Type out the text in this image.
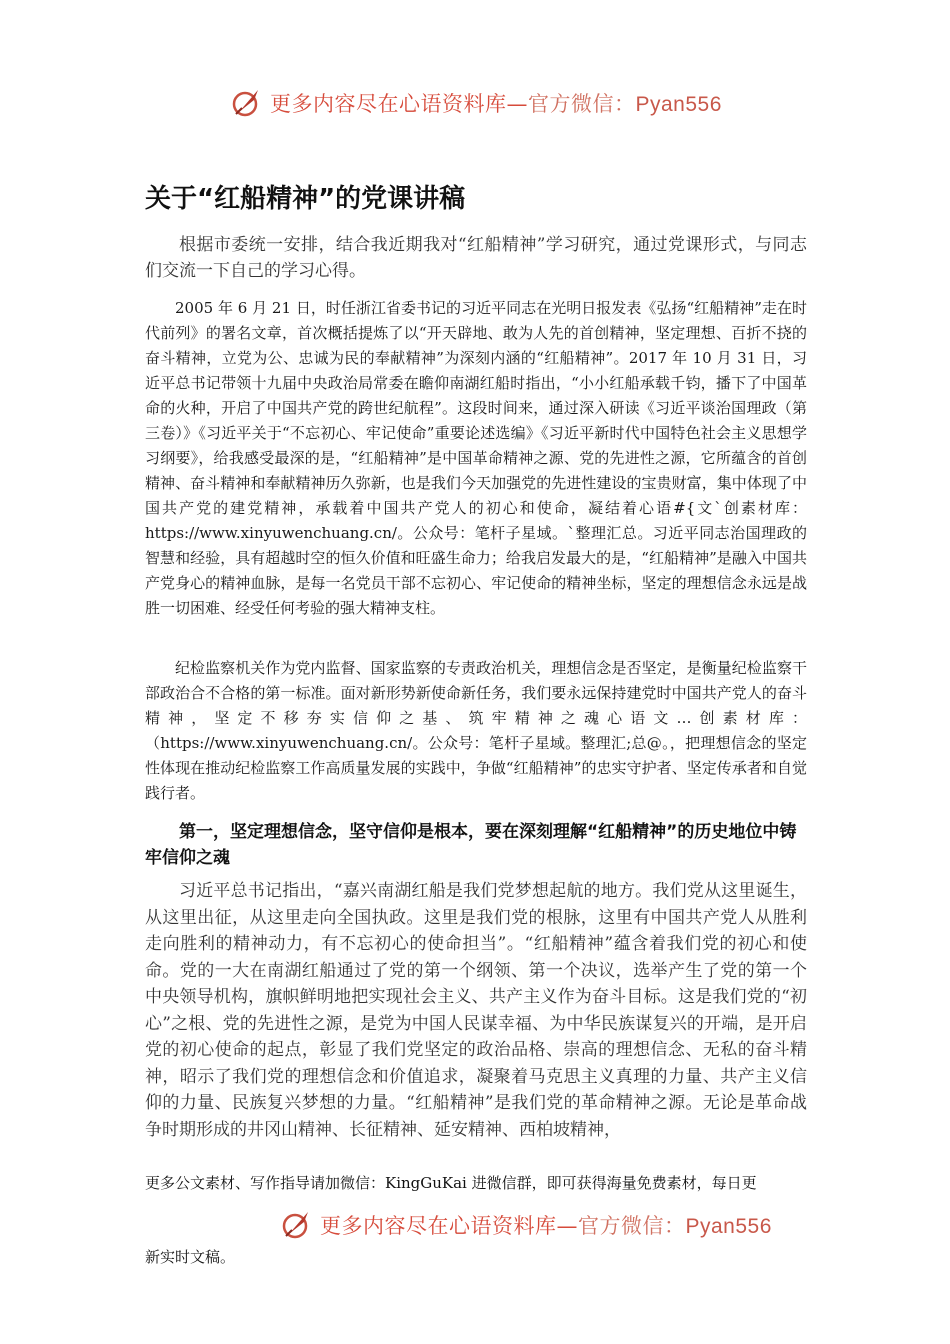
更多内容尽在心语资料库—官方微信：Pyan556
关于“红船精神”的党课讲稿

根据市委统一安排，结合我近期我对“红船精神”学习研究，通过党课形式，与同志们交流一下自己的学习心得。

2005 年 6 月 21 日，时任浙江省委书记的习近平同志在光明日报发表《弘扬“红船精神”走在时代前列》的署名文章，首次概括提炼了以“开天辟地、敢为人先的首创精神，坚定理想、百折不挠的奋斗精神，立党为公、忠诚为民的奉献精神”为深刻内涵的“红船精神”。2017 年 10 月 31 日，习近平总书记带领十九届中央政治局常委在瞻仰南湖红船时指出，“小小红船承载千钧，播下了中国革命的火种，开启了中国共产党的跨世纪航程”。这段时间来，通过深入研读《习近平谈治国理政（第三卷）》《习近平关于“不忘初心、牢记使命”重要论述选编》《习近平新时代中国特色社会主义思想学习纲要》，给我感受最深的是，“红船精神”是中国革命精神之源、党的先进性之源，它所蕴含的首创精神、奋斗精神和奉献精神历久弥新，也是我们今天加强党的先进性建设的宝贵财富，集中体现了中国共产党的建党精神，承载着中国共产党人的初心和使命，凝结着心语#{文`创素材库：https://www.xinyuwenchuang.cn/。公众号：笔杆子星域。`整理汇总。习近平同志治国理政的智慧和经验，具有超越时空的恒久价值和旺盛生命力；给我启发最大的是，“红船精神”是融入中国共产党身心的精神血脉，是每一名党员干部不忘初心、牢记使命的精神坐标，坚定的理想信念永远是战胜一切困难、经受任何考验的强大精神支柱。

纪检监察机关作为党内监督、国家监察的专责政治机关，理想信念是否坚定，是衡量纪检监察干部政治合不合格的第一标准。面对新形势新使命新任务，我们要永远保持建党时中国共产党人的奋斗精神，坚定不移夯实信仰之基、筑牢精神之魂心语文…创素材库：（https://www.xinyuwenchuang.cn/。公众号：笔杆子星域。整理汇;总@。，把理想信念的坚定性体现在推动纪检监察工作高质量发展的实践中，争做“红船精神”的忠实守护者、坚定传承者和自觉践行者。

第一，坚定理想信念，坚守信仰是根本，要在深刻理解“红船精神”的历史地位中铸牢信仰之魂

习近平总书记指出，“嘉兴南湖红船是我们党梦想起航的地方。我们党从这里诞生，从这里出征，从这里走向全国执政。这里是我们党的根脉，这里有中国共产党人从胜利走向胜利的精神动力，有不忘初心的使命担当”。“红船精神”蕴含着我们党的初心和使命。党的一大在南湖红船通过了党的第一个纲领、第一个决议，选举产生了党的第一个中央领导机构，旗帜鲜明地把实现社会主义、共产主义作为奋斗目标。这是我们党的“初心”之根、党的先进性之源，是党为中国人民谋幸福、为中华民族谋复兴的开端，是开启党的初心使命的起点，彰显了我们党坚定的政治品格、崇高的理想信念、无私的奋斗精神，昭示了我们党的理想信念和价值追求，凝聚着马克思主义真理的力量、共产主义信仰的力量、民族复兴梦想的力量。“红船精神”是我们党的革命精神之源。无论是革命战争时期形成的井冈山精神、长征精神、延安精神、西柏坡精神，

更多公文素材、写作指导请加微信：KingGuKai 进微信群，即可获得海量免费素材，每日更
更多内容尽在心语资料库—官方微信：Pyan556
新实时文稿。
